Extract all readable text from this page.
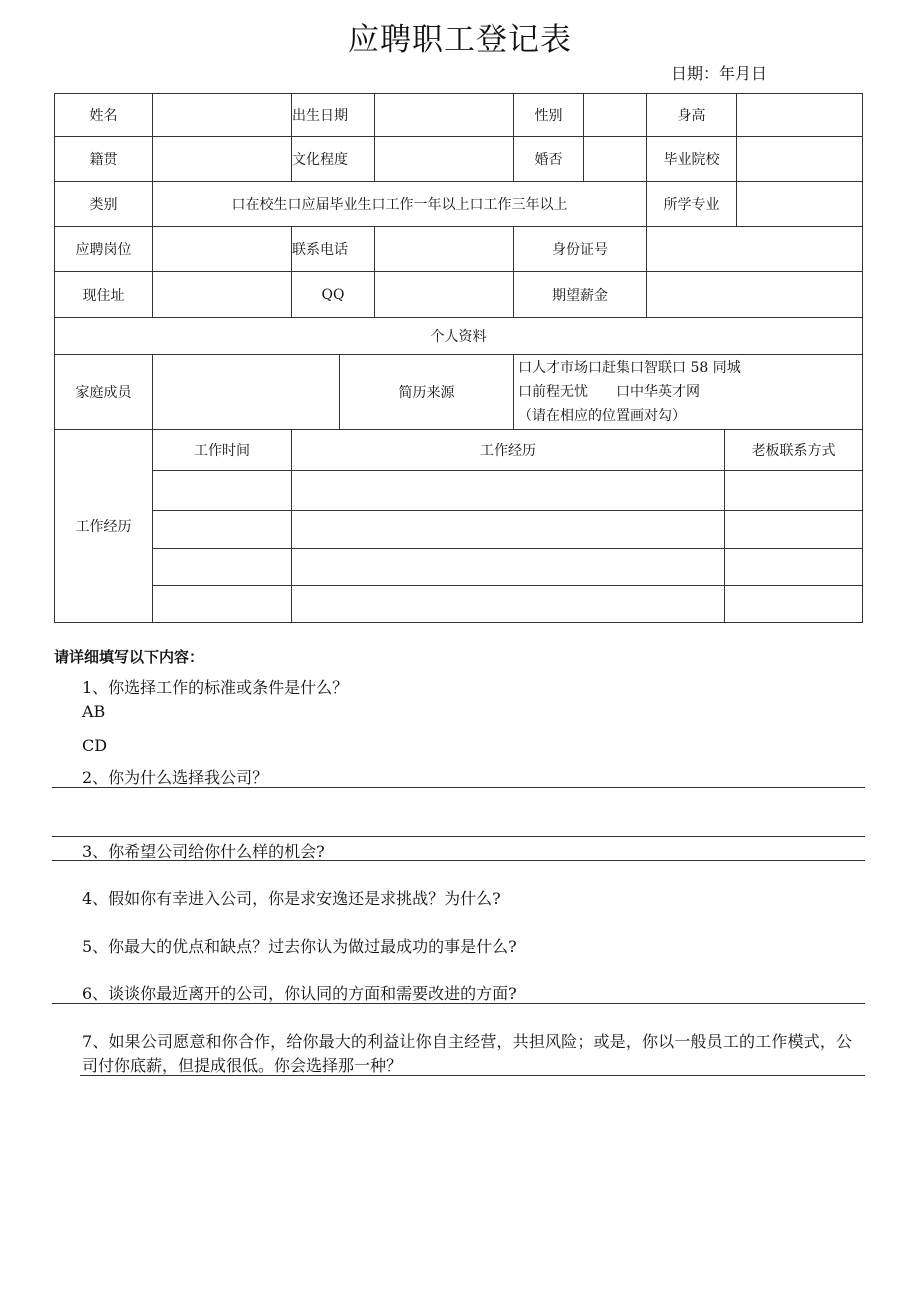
应聘职工登记表
日期：年月日
姓名		出生日期			性别		身高		
籍贯		文化程度			婚否		毕业院校		
类别	口在校生口应届毕业生口工作一年以上口工作三年以上						所学专业		
应聘岗位		联系电话			身份证号				
现住址		QQ			期望薪金				
个人资料									
家庭成员			简历来源		口人才市场口赶集口智联口 58 同城
口前程无忧　　口中华英才网
（请在相应的位置画对勾）				

工作经历	工作时间	工作经历						老板联系方式	

请详细填写以下内容：
1、你选择工作的标准或条件是什么？
AB
CD
2、你为什么选择我公司？
3、你希望公司给你什么样的机会?
4、假如你有幸进入公司，你是求安逸还是求挑战？为什么?
5、你最大的优点和缺点？过去你认为做过最成功的事是什么?
6、谈谈你最近离开的公司，你认同的方面和需要改进的方面?
7、如果公司愿意和你合作，给你最大的利益让你自主经营，共担风险；或是，你以一般员工的工作模式，公司付你底薪，但提成很低。你会选择那一种？
